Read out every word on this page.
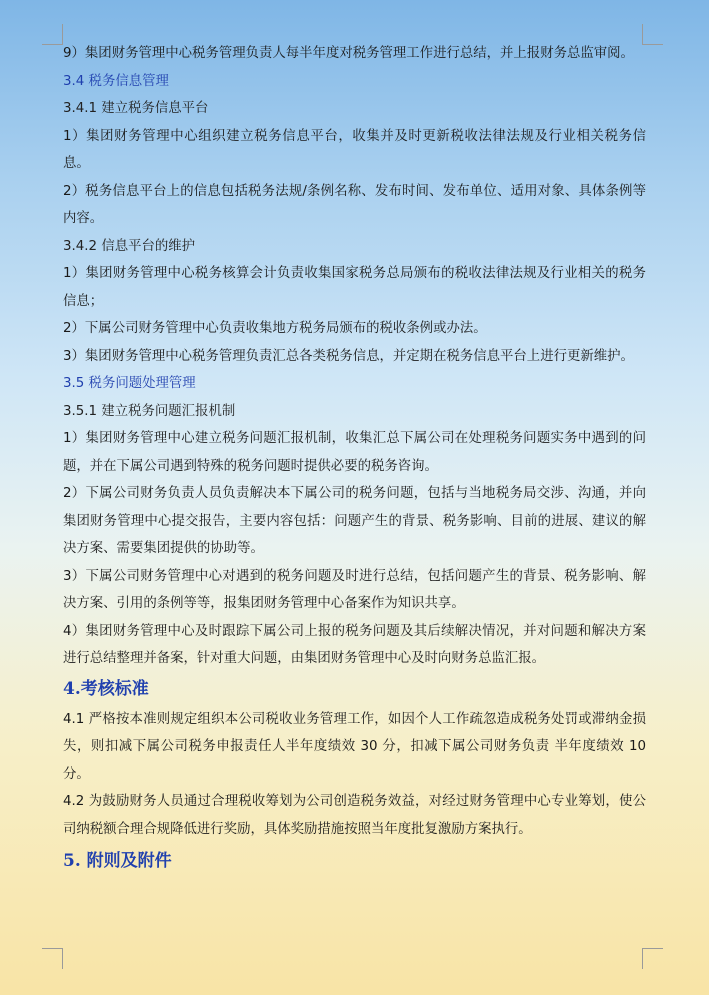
9）集团财务管理中心税务管理负责人每半年度对税务管理工作进行总结，并上报财务总监审阅。

3.4 税务信息管理

3.4.1 建立税务信息平台

1）集团财务管理中心组织建立税务信息平台，收集并及时更新税收法律法规及行业相关税务信息。

2）税务信息平台上的信息包括税务法规/条例名称、发布时间、发布单位、适用对象、具体条例等内容。

3.4.2 信息平台的维护

1）集团财务管理中心税务核算会计负责收集国家税务总局颁布的税收法律法规及行业相关的税务信息；

2）下属公司财务管理中心负责收集地方税务局颁布的税收条例或办法。

3）集团财务管理中心税务管理负责汇总各类税务信息，并定期在税务信息平台上进行更新维护。

3.5 税务问题处理管理

3.5.1 建立税务问题汇报机制

1）集团财务管理中心建立税务问题汇报机制，收集汇总下属公司在处理税务问题实务中遇到的问题，并在下属公司遇到特殊的税务问题时提供必要的税务咨询。

2）下属公司财务负责人员负责解决本下属公司的税务问题，包括与当地税务局交涉、沟通，并向集团财务管理中心提交报告，主要内容包括：问题产生的背景、税务影响、目前的进展、建议的解决方案、需要集团提供的协助等。

3）下属公司财务管理中心对遇到的税务问题及时进行总结，包括问题产生的背景、税务影响、解决方案、引用的条例等等，报集团财务管理中心备案作为知识共享。

4）集团财务管理中心及时跟踪下属公司上报的税务问题及其后续解决情况，并对问题和解决方案进行总结整理并备案，针对重大问题，由集团财务管理中心及时向财务总监汇报。

4.考核标准

4.1 严格按本准则规定组织本公司税收业务管理工作，如因个人工作疏忽造成税务处罚或滞纳金损失，则扣减下属公司税务申报责任人半年度绩效 30 分，扣减下属公司财务负责 半年度绩效 10 分。

4.2 为鼓励财务人员通过合理税收筹划为公司创造税务效益，对经过财务管理中心专业筹划，使公司纳税额合理合规降低进行奖励，具体奖励措施按照当年度批复激励方案执行。

5. 附则及附件
